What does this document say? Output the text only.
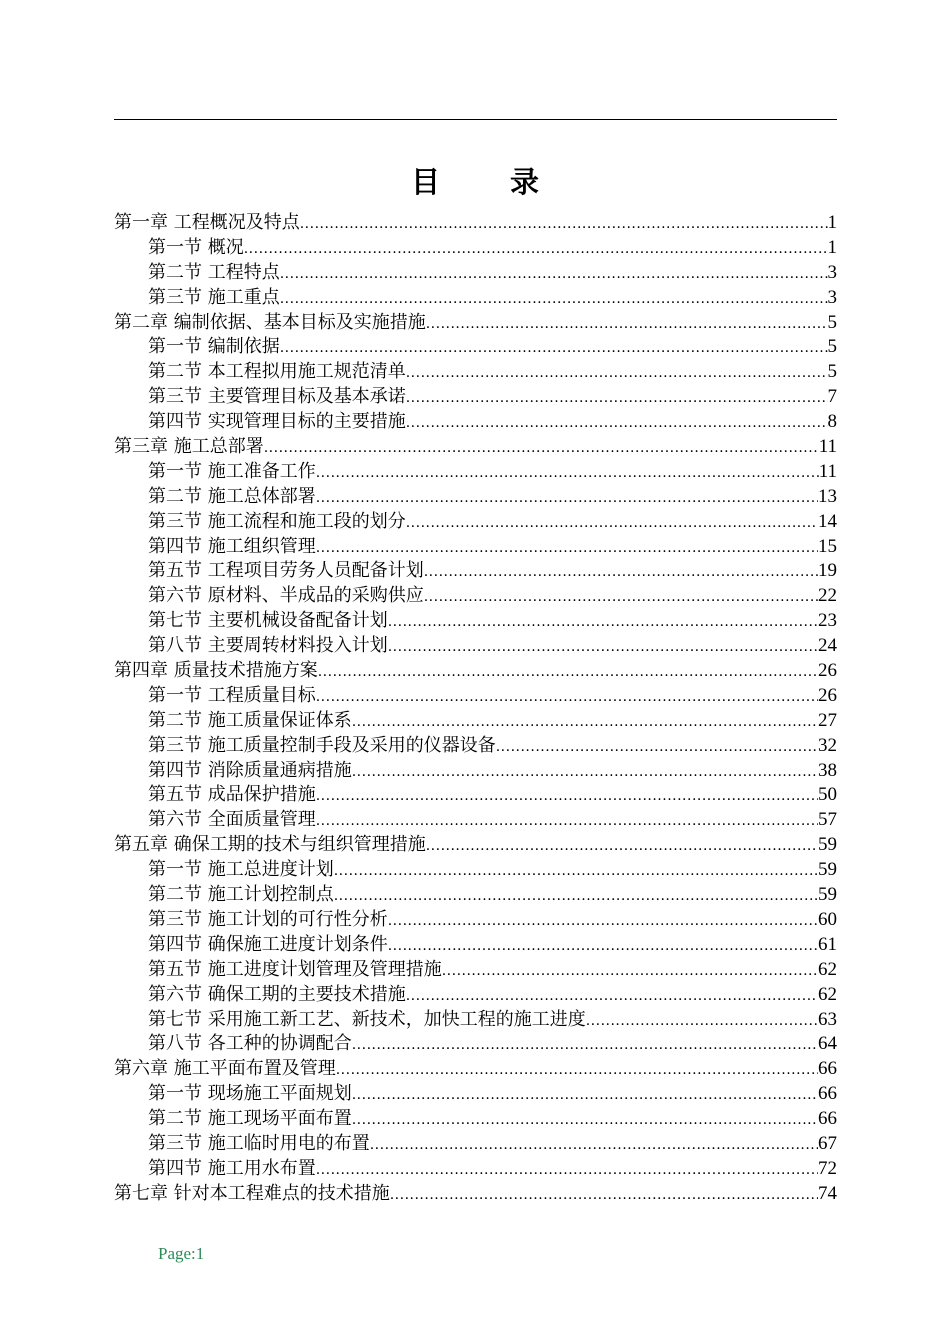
目 录
第一章 工程概况及特点 .....	1
第一节 概况 .....	1
第二节 工程特点 .....	3
第三节 施工重点 .....	3
第二章 编制依据、基本目标及实施措施 .....	5
第一节 编制依据 .....	5
第二节 本工程拟用施工规范清单 .....	5
第三节 主要管理目标及基本承诺 .....	7
第四节 实现管理目标的主要措施 .....	8
第三章 施工总部署 .....	11
第一节 施工准备工作 .....	11
第二节 施工总体部署 .....	13
第三节 施工流程和施工段的划分 .....	14
第四节 施工组织管理 .....	15
第五节 工程项目劳务人员配备计划 .....	19
第六节 原材料、半成品的采购供应 .....	22
第七节 主要机械设备配备计划 .....	23
第八节 主要周转材料投入计划 .....	24
第四章 质量技术措施方案 .....	26
第一节 工程质量目标 .....	26
第二节 施工质量保证体系 .....	27
第三节 施工质量控制手段及采用的仪器设备 .....	32
第四节 消除质量通病措施 .....	38
第五节 成品保护措施 .....	50
第六节 全面质量管理 .....	57
第五章 确保工期的技术与组织管理措施 .....	59
第一节 施工总进度计划 .....	59
第二节 施工计划控制点 .....	59
第三节 施工计划的可行性分析 .....	60
第四节 确保施工进度计划条件 .....	61
第五节 施工进度计划管理及管理措施 .....	62
第六节 确保工期的主要技术措施 .....	62
第七节 采用施工新工艺、新技术，加快工程的施工进度 .....	63
第八节 各工种的协调配合 .....	64
第六章 施工平面布置及管理 .....	66
第一节 现场施工平面规划 .....	66
第二节 施工现场平面布置 .....	66
第三节 施工临时用电的布置 .....	67
第四节 施工用水布置 .....	72
第七章 针对本工程难点的技术措施 .....	74
Page:1
